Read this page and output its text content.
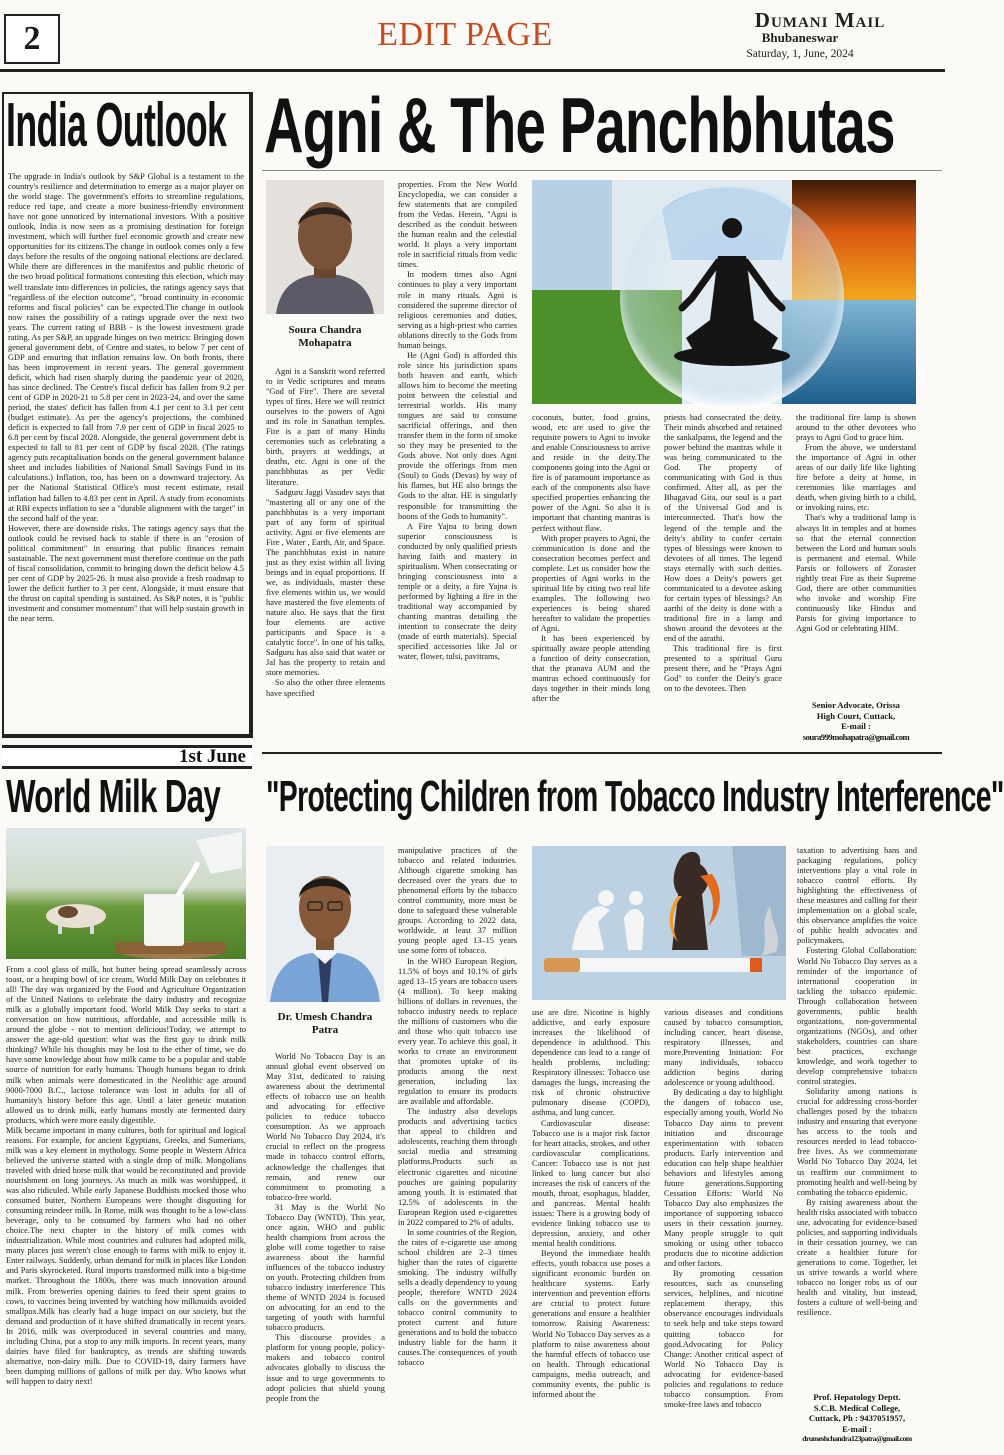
2	EDIT PAGE	Dumani Mail
Bhubaneswar
Saturday, 1, June, 2024
India Outlook

The upgrade in India's outlook by S&P Global is a testament to the country's resilience and determination to emerge as a major player on the world stage. The government's efforts to streamline regulations, reduce red tape, and create a more business-friendly environment have not gone unnoticed by international investors. With a positive outlook, India is now seen as a promising destination for foreign investment, which will further fuel economic growth and create new opportunities for its citizens.The change in outlook comes only a few days before the results of the ongoing national elections are declared. While there are differences in the manifestos and public rhetoric of the two broad political formations contesting this election, which may well translate into differences in policies, the ratings agency says that "regardless of the election outcome", "broad continuity in economic reforms and fiscal policies" can be expected.The change in outlook now raises the possibility of a ratings upgrade over the next two years. The current rating of BBB - is the lowest investment grade rating. As per S&P, an upgrade hinges on two metrics: Bringing down general government debt, of Centre and states, to below 7 per cent of GDP and ensuring that inflation remains low. On both fronts, there has been improvement in recent years. The general government deficit, which had risen sharply during the pandemic year of 2020, has since declined. The Centre's fiscal deficit has fallen from 9.2 per cent of GDP in 2020-21 to 5.8 per cent in 2023-24, and over the same period, the states' deficit has fallen from 4.1 per cent to 3.1 per cent (budget estimate). As per the agency's projections, the combined deficit is expected to fall from 7.9 per cent of GDP in fiscal 2025 to 6.8 per cent by fiscal 2028. Alongside, the general government debt is expected to fall to 81 per cent of GDP by fiscal 2028. (The ratings agency puts recapitalisation bonds on the general government balance sheet and includes liabilities of National Small Savings Fund in its calculations.) Inflation, too, has been on a downward trajectory. As per the National Statistical Office's most recent estimate, retail inflation had fallen to 4.83 per cent in April. A study from economists at RBI expects inflation to see a "durable alignment with the target" in the second half of the year.

However, there are downside risks. The ratings agency says that the outlook could be revised back to stable if there is an "erosion of political commitment" in ensuring that public finances remain sustainable. The next government must therefore continue on the path of fiscal consolidation, commit to bringing down the deficit below 4.5 per cent of GDP by 2025-26. It must also provide a fresh roadmap to lower the deficit further to 3 per cent. Alongside, it must ensure that the thrust on capital spending is sustained. As S&P notes, it is "public investment and consumer momentum" that will help sustain growth in the near term.

1st June
World Milk Day

From a cool glass of milk, hot butter being spread seamlessly across toast, or a heaping bowl of ice cream, World Milk Day on celebrates it all! The day was organized by the Food and Agriculture Organization of the United Nations to celebrate the dairy industry and recognize milk as a globally important food. World Milk Day seeks to start a conversation on how nutritious, affordable, and accessible milk is around the globe - not to mention delicious!Today, we attempt to answer the age-old question: what was the first guy to drink milk thinking? While his thoughts may be lost to the ether of time, we do have some knowledge about how milk came to be a popular and stable source of nutrition for early humans. Though humans began to drink milk when animals were domesticated in the Neolithic age around 9000-7000 B.C., lactose tolerance was lost in adults for all of humanity's history before this age. Until a later genetic mutation allowed us to drink milk, early humans mostly ate fermented dairy products, which were more easily digestible.

Milk became important in many cultures, both for spiritual and logical reasons. For example, for ancient Egyptians, Greeks, and Sumerians, milk was a key element in mythology. Some people in Western Africa believed the universe started with a single drop of milk. Mongolians traveled with dried horse milk that would be reconstituted and provide nourishment on long journeys. As much as milk was worshipped, it was also ridiculed. While early Japanese Buddhists mocked those who consumed butter, Northern Europeans were thought disgusting for consuming reindeer milk. In Rome, milk was thought to be a low-class beverage, only to be consumed by farmers who had no other choice.The next chapter in the history of milk comes with industrialization. While most countries and cultures had adopted milk, many places just weren't close enough to farms with milk to enjoy it. Enter railways. Suddenly, urban demand for milk in places like London and Paris skyrocketed. Rural imports transformed milk into a big-time market. Throughout the 1800s, there was much innovation around milk. From breweries opening dairies to feed their spent grains to cows, to vaccines being invented by watching how milkmaids avoided smallpox.Milk has clearly had a huge impact on our society, but the demand and production of it have shifted dramatically in recent years. In 2016, milk was overproduced in several countries and many, including China, put a stop to any milk imports. In recent years, many dairies have filed for bankruptcy, as trends are shifting towards alternative, non-dairy milk. Due to COVID-19, dairy farmers have been dumping millions of gallons of milk per day. Who knows what will happen to dairy next!

Agni & The Panchbhutas
Soura Chandra Mohapatra

Agni is a Sanskrit word referred to in Vedic scriptures and means "God of Fire". There are several types of fires. Here we will restrict ourselves to the powers of Agni and its role in Sanathan temples. Fire is a part of many Hindu ceremonies such as celebrating a birth, prayers at weddings, at deaths, etc. Agni is one of the panchbhutas as per Vedic literature.

Sadguru Jaggi Vasudev says that "mastering all or any one of the panchbhutas is a very important part of any form of spiritual activity. Agni or five elements are Fire , Water , Earth, Air, and Space. The panchbhutas exist in nature just as they exist within all living beings and in equal proportions. If we, as individuals, master these five elements within us, we would have mastered the five elements of nature also. He says that the first four elements are active participants and Space is a catalytic force". In one of his talks, Sadguru has also said that water or Jal has the property to retain and store memories.

So also the other three elements have specified

properties. From the New World Encyclopedia, we can consider a few statements that are compiled from the Vedas. Herein, "Agni is described as the conduit between the human realm and the celestial world. It plays a very important role in sacrificial rituals from vedic times.

In modern times also Agni continues to play a very important role in many rituals. Agni is considered the supreme director of religious ceremonies and duties, serving as a high-priest who carries oblations directly to the Gods from human beings.

He (Agni God) is afforded this role since his jurisdiction spans both heaven and earth, which allows him to become the meeting point between the celestial and terrestrial worlds. His many tongues are said to consume sacrificial offerings, and then transfer them in the form of smoke so they may be presented to the Gods above. Not only does Agni provide the offerings from men (Soul) to Gods (Devas) by way of his flames, but HE also brings the Gods to the altar. HE is singularly responsible for transmitting the boons of the Gods to humanity".

A Fire Yajna to bring down superior consciousness is conducted by only qualified priests having faith and mastery in spiritualism. When consecrating or bringing consciousness into a temple or a deity, a fire Yajna is performed by lighting a fire in the traditional way accompanied by chanting mantras detailing the intention to consecrate the deity (made of earth materials). Special specified accessories like Jal or water, flower, tulsi, pavitrams,

coconuts, butter, food grains, wood, etc are used to give the requisite powers to Agni to invoke and enable Consciousness to arrive and reside in the deity.The components going into the Agni or fire is of paramount importance as each of the components also have specified properties enhancing the power of the Agni. So also it is important that chanting mantras is perfect without flaw.

With proper prayers to Agni, the communication is done and the consecration becomes perfect and complete. Let us consider how the properties of Agni works in the spiritual life by citing two real life examples. The following two experiences is being shared hereafter to validate the properties of Agni.

It has been experienced by spiritually aware people attending a function of deity consecration, that the pranava AUM and the mantras echoed continuously for days together in their minds long after the

priests had consecrated the deity. Their minds absorbed and retained the sankalpams, the legend and the power behind the mantras while it was being communicated to the God. The property of communicating with God is thus confirmed. After all, as per the Bhagavad Gita, our soul is a part of the Universal God and is interconnected. That's how the legend of the temple and the deity's ability to confer certain types of blessings were known to devotees of all times. The legend stays eternally with such deities. How does a Deity's powers get communicated to a devotee asking for certain types of blessings? An aarthi of the deity is done with a traditional fire in a lamp and shown around the devotees at the end of the aarathi.

This traditional fire is first presented to a spiritual Guru present there, and he "Prays Agni God" to confer the Deity's grace on to the devotees. Then

the traditional fire lamp is shown around to the other devotees who prays to Agni God to grace him.

From the above, we understand the importance of Agni in other areas of our daily life like lighting fire before a deity at home, in ceremonies like marriages and death, when giving birth to a child, or invoking rains, etc.

That's why a traditional lamp is always lit in temples and at homes so that the eternal connection between the Lord and human souls is permanent and eternal. While Parsis or followers of Zoraster rightly treat Fire as their Supreme God, there are other communities who invoke and worship Fire continuously like Hindus and Parsis for giving importance to Agni God or celebrating HIM.

Senior Advocate, Orissa
High Court, Cuttack,
E-mail :
soura999mohapatra@gmail.com
"Protecting Children from Tobacco Industry Interference"
Dr. Umesh Chandra Patra

World No Tobacco Day is an annual global event observed on May 31st, dedicated to raising awareness about the detrimental effects of tobacco use on health and advocating for effective policies to reduce tobacco consumption. As we approach World No Tobacco Day 2024, it's crucial to reflect on the progress made in tobacco control efforts, acknowledge the challenges that remain, and renew our commitment to promoting a tobacco-free world.

31 May is the World No Tobacco Day (WNTD). This year, once again, WHO and public health champions from across the globe will come together to raise awareness about the harmful influences of the tobacco industry on youth. Protecting children from tobacco industry interference This theme of WNTD 2024 is focused on advocating for an end to the targeting of youth with harmful tobacco products.

This discourse provides a platform for young people, policy-makers and tobacco control advocates globally to discuss the issue and to urge governments to adopt policies that shield young people from the

manipulative practices of the tobacco and related industries. Although cigarette smoking has decreased over the years due to phenomenal efforts by the tobacco control community, more must be done to safeguard these vulnerable groups. According to 2022 data, worldwide, at least 37 million young people aged 13–15 years use some form of tobacco.

In the WHO European Region, 11.5% of boys and 10.1% of girls aged 13–15 years are tobacco users (4 million). To keep making billions of dollars in revenues, the tobacco industry needs to replace the millions of customers who die and those who quit tobacco use every year. To achieve this goal, it works to create an environment that promotes uptake of its products among the next generation, including lax regulation to ensure its products are available and affordable.

The industry also develops products and advertising tactics that appeal to children and adolescents, reaching them through social media and streaming platforms.Products such as electronic cigarettes and nicotine pouches are gaining popularity among youth. It is estimated that 12.5% of adolescents in the European Region used e-cigarettes in 2022 compared to 2% of adults.

In some countries of the Region, the rates of e-cigarette use among school children are 2–3 times higher than the rates of cigarette smoking. The industry wilfully sells a deadly dependency to young people, therefore WNTD 2024 calls on the governments and tobacco control community to protect current and future generations and to hold the tobacco industry liable for the harm it causes.The consequences of youth tobacco

use are dire. Nicotine is highly addictive, and early exposure increases the likelihood of dependence in adulthood. This dependence can lead to a range of health problems, including: Respiratory illnesses: Tobacco use damages the lungs, increasing the risk of chronic obstructive pulmonary disease (COPD), asthma, and lung cancer.

Cardiovascular disease: Tobacco use is a major risk factor for heart attacks, strokes, and other cardiovascular complications. Cancer: Tobacco use is not just linked to lung cancer but also increases the risk of cancers of the mouth, throat, esophagus, bladder, and pancreas. Mental health issues: There is a growing body of evidence linking tobacco use to depression, anxiety, and other mental health conditions.

Beyond the immediate health effects, youth tobacco use poses a significant economic burden on healthcare systems. Early intervention and prevention efforts are crucial to protect future generations and ensure a healthier tomorrow. Raising Awareness: World No Tobacco Day serves as a platform to raise awareness about the harmful effects of tobacco use on health. Through educational campaigns, media outreach, and community events, the public is informed about the

various diseases and conditions caused by tobacco consumption, including cancer, heart disease, respiratory illnesses, and more.Preventing Initiation: For many individuals, tobacco addiction begins during adolescence or young adulthood.

By dedicating a day to highlight the dangers of tobacco use, especially among youth, World No Tobacco Day aims to prevent initiation and discourage experimentation with tobacco products. Early intervention and education can help shape healthier behaviors and lifestyles among future generations.Supporting Cessation Efforts: World No Tobacco Day also emphasizes the importance of supporting tobacco users in their cessation journey. Many people struggle to quit smoking or using other tobacco products due to nicotine addiction and other factors.

By promoting cessation resources, such as counseling services, helplines, and nicotine replacement therapy, this observance encourages individuals to seek help and take steps toward quitting tobacco for good.Advocating for Policy Change: Another critical aspect of World No Tobacco Day is advocating for evidence-based policies and regulations to reduce tobacco consumption. From smoke-free laws and tobacco

taxation to advertising bans and packaging regulations, policy interventions play a vital role in tobacco control efforts. By highlighting the effectiveness of these measures and calling for their implementation on a global scale, this observance amplifies the voice of public health advocates and policymakers.

Fostering Global Collaboration: World No Tobacco Day serves as a reminder of the importance of international cooperation in tackling the tobacco epidemic. Through collaboration between governments, public health organizations, non-governmental organizations (NGOs), and other stakeholders, countries can share best practices, exchange knowledge, and work together to develop comprehensive tobacco control strategies.

Solidarity among nations is crucial for addressing cross-border challenges posed by the tobacco industry and ensuring that everyone has access to the tools and resources needed to lead tobacco-free lives. As we commemorate World No Tobacco Day 2024, let us reaffirm our commitment to promoting health and well-being by combating the tobacco epidemic.

By raising awareness about the health risks associated with tobacco use, advocating for evidence-based policies, and supporting individuals in their cessation journey, we can create a healthier future for generations to come. Together, let us strive towards a world where tobacco no longer robs us of our health and vitality, but instead, fosters a culture of well-being and resilience.

Prof. Hepatology Deptt.
S.C.B. Medical College,
Cuttack, Ph : 9437051957,
E-mail :
drumeshchandra123patra@gmail.com
